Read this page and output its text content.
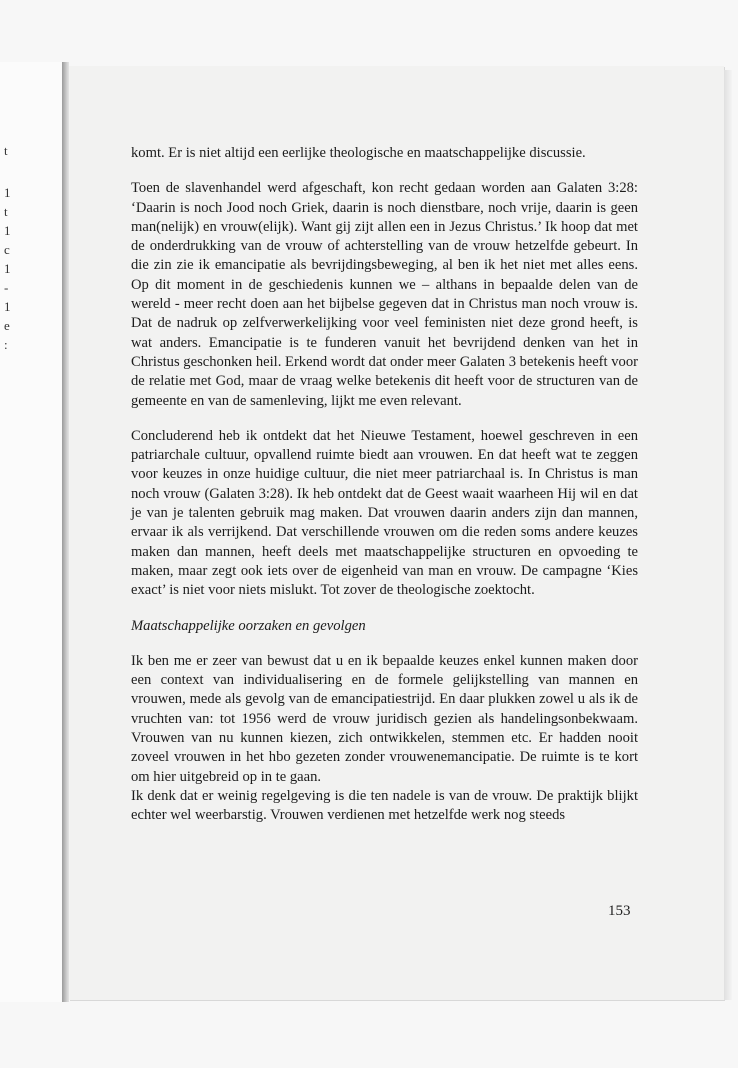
t
1
t
1
c
1
-
1
e
:

komt. Er is niet altijd een eerlijke theologische en maatschappelijke discussie.

Toen de slavenhandel werd afgeschaft, kon recht gedaan worden aan Galaten 3:28: ‘Daarin is noch Jood noch Griek, daarin is noch dienstbare, noch vrije, daarin is geen man(nelijk) en vrouw(elijk). Want gij zijt allen een in Jezus Christus.’ Ik hoop dat met de onderdrukking van de vrouw of achterstelling van de vrouw hetzelfde gebeurt. In die zin zie ik emancipatie als bevrijdingsbeweging, al ben ik het niet met alles eens. Op dit moment in de geschiedenis kunnen we – althans in bepaalde delen van de wereld - meer recht doen aan het bijbelse gegeven dat in Christus man noch vrouw is. Dat de nadruk op zelfverwerkelijking voor veel feministen niet deze grond heeft, is wat anders. Emancipatie is te funderen vanuit het bevrijdend denken van het in Christus geschonken heil. Erkend wordt dat onder meer Galaten 3 betekenis heeft voor de relatie met God, maar de vraag welke betekenis dit heeft voor de structuren van de gemeente en van de samenleving, lijkt me even relevant.

Concluderend heb ik ontdekt dat het Nieuwe Testament, hoewel geschreven in een patriarchale cultuur, opvallend ruimte biedt aan vrouwen. En dat heeft wat te zeggen voor keuzes in onze huidige cultuur, die niet meer patriarchaal is. In Christus is man noch vrouw (Galaten 3:28). Ik heb ontdekt dat de Geest waait waarheen Hij wil en dat je van je talenten gebruik mag maken. Dat vrouwen daarin anders zijn dan mannen, ervaar ik als verrijkend. Dat verschillende vrouwen om die reden soms andere keuzes maken dan mannen, heeft deels met maatschappelijke structuren en opvoeding te maken, maar zegt ook iets over de eigenheid van man en vrouw. De campagne ‘Kies exact’ is niet voor niets mislukt. Tot zover de theologische zoektocht.

Maatschappelijke oorzaken en gevolgen

Ik ben me er zeer van bewust dat u en ik bepaalde keuzes enkel kunnen maken door een context van individualisering en de formele gelijkstelling van mannen en vrouwen, mede als gevolg van de emancipatiestrijd. En daar plukken zowel u als ik de vruchten van: tot 1956 werd de vrouw juridisch gezien als handelingsonbekwaam. Vrouwen van nu kunnen kiezen, zich ontwikkelen, stemmen etc. Er hadden nooit zoveel vrouwen in het hbo gezeten zonder vrouwenemancipatie. De ruimte is te kort om hier uitgebreid op in te gaan.

Ik denk dat er weinig regelgeving is die ten nadele is van de vrouw. De praktijk blijkt echter wel weerbarstig. Vrouwen verdienen met hetzelfde werk nog steeds

153
